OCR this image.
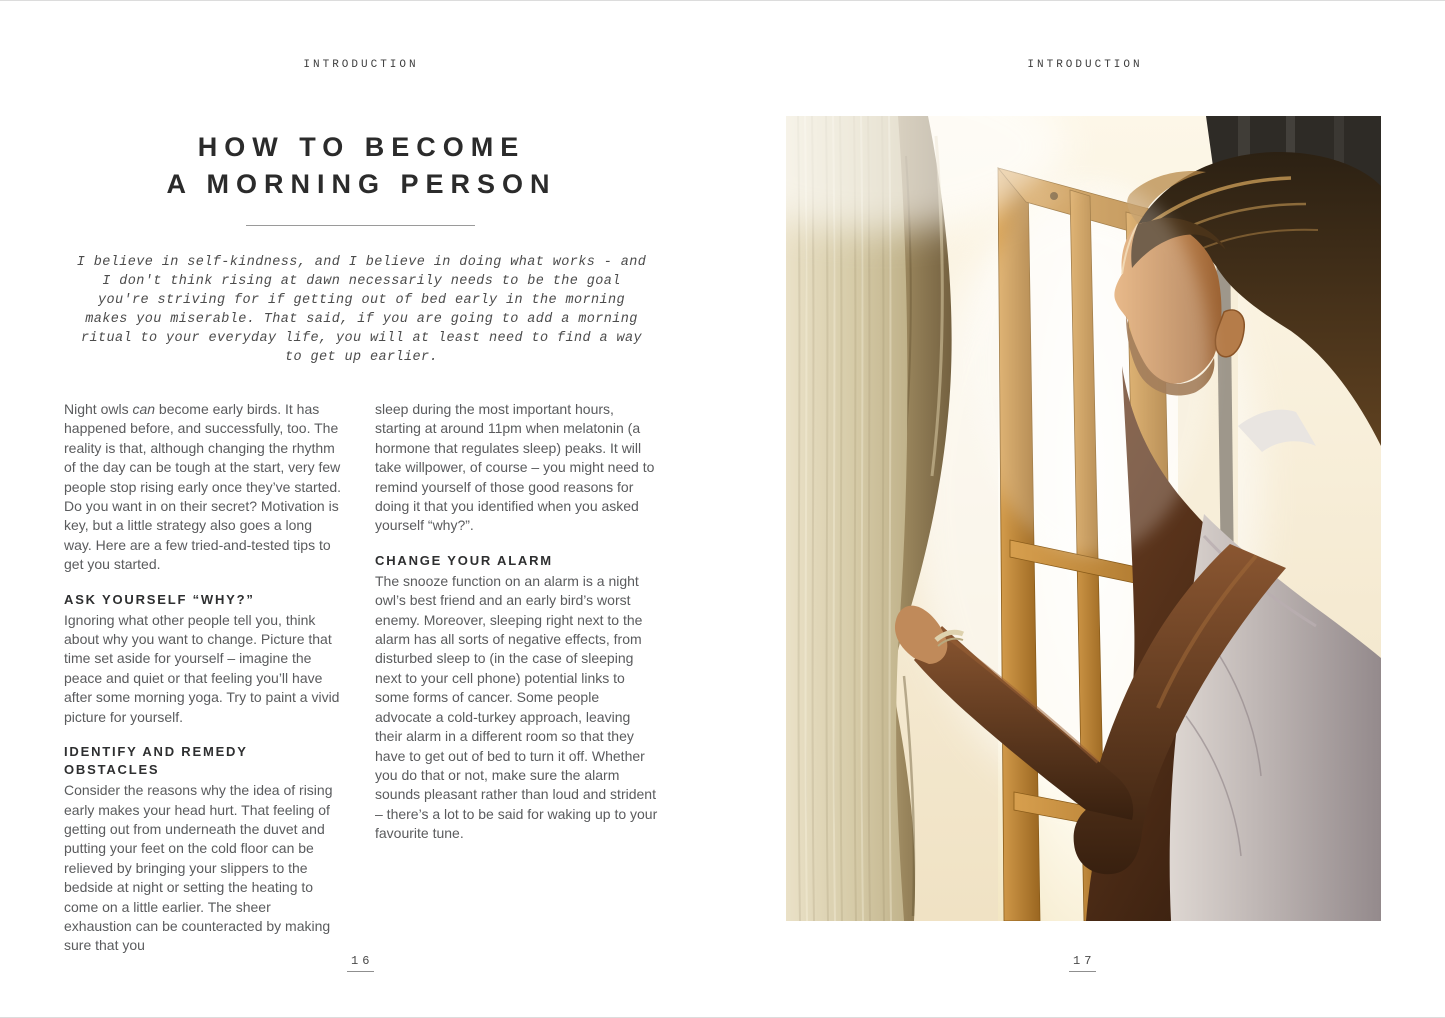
INTRODUCTION
HOW TO BECOME
A MORNING PERSON
I believe in self-kindness, and I believe in doing what works - and I don't think rising at dawn necessarily needs to be the goal you're striving for if getting out of bed early in the morning makes you miserable. That said, if you are going to add a morning ritual to your everyday life, you will at least need to find a way to get up earlier.

Night owls can become early birds. It has happened before, and successfully, too. The reality is that, although changing the rhythm of the day can be tough at the start, very few people stop rising early once they’ve started. Do you want in on their secret? Motivation is key, but a little strategy also goes a long way. Here are a few tried-and-tested tips to get you started.

ASK YOURSELF “WHY?”

Ignoring what other people tell you, think about why you want to change. Picture that time set aside for yourself – imagine the peace and quiet or that feeling you’ll have after some morning yoga. Try to paint a vivid picture for yourself.

IDENTIFY AND REMEDY OBSTACLES

Consider the reasons why the idea of rising early makes your head hurt. That feeling of getting out from underneath the duvet and putting your feet on the cold floor can be relieved by bringing your slippers to the bedside at night or setting the heating to come on a little earlier. The sheer exhaustion can be counteracted by making sure that you

sleep during the most important hours, starting at around 11pm when melatonin (a hormone that regulates sleep) peaks. It will take willpower, of course – you might need to remind yourself of those good reasons for doing it that you identified when you asked yourself “why?”.

CHANGE YOUR ALARM

The snooze function on an alarm is a night owl’s best friend and an early bird’s worst enemy. Moreover, sleeping right next to the alarm has all sorts of negative effects, from disturbed sleep to (in the case of sleeping next to your cell phone) potential links to some forms of cancer. Some people advocate a cold-turkey approach, leaving their alarm in a different room so that they have to get out of bed to turn it off. Whether you do that or not, make sure the alarm sounds pleasant rather than loud and strident – there’s a lot to be said for waking up to your favourite tune.

16
INTRODUCTION
17
